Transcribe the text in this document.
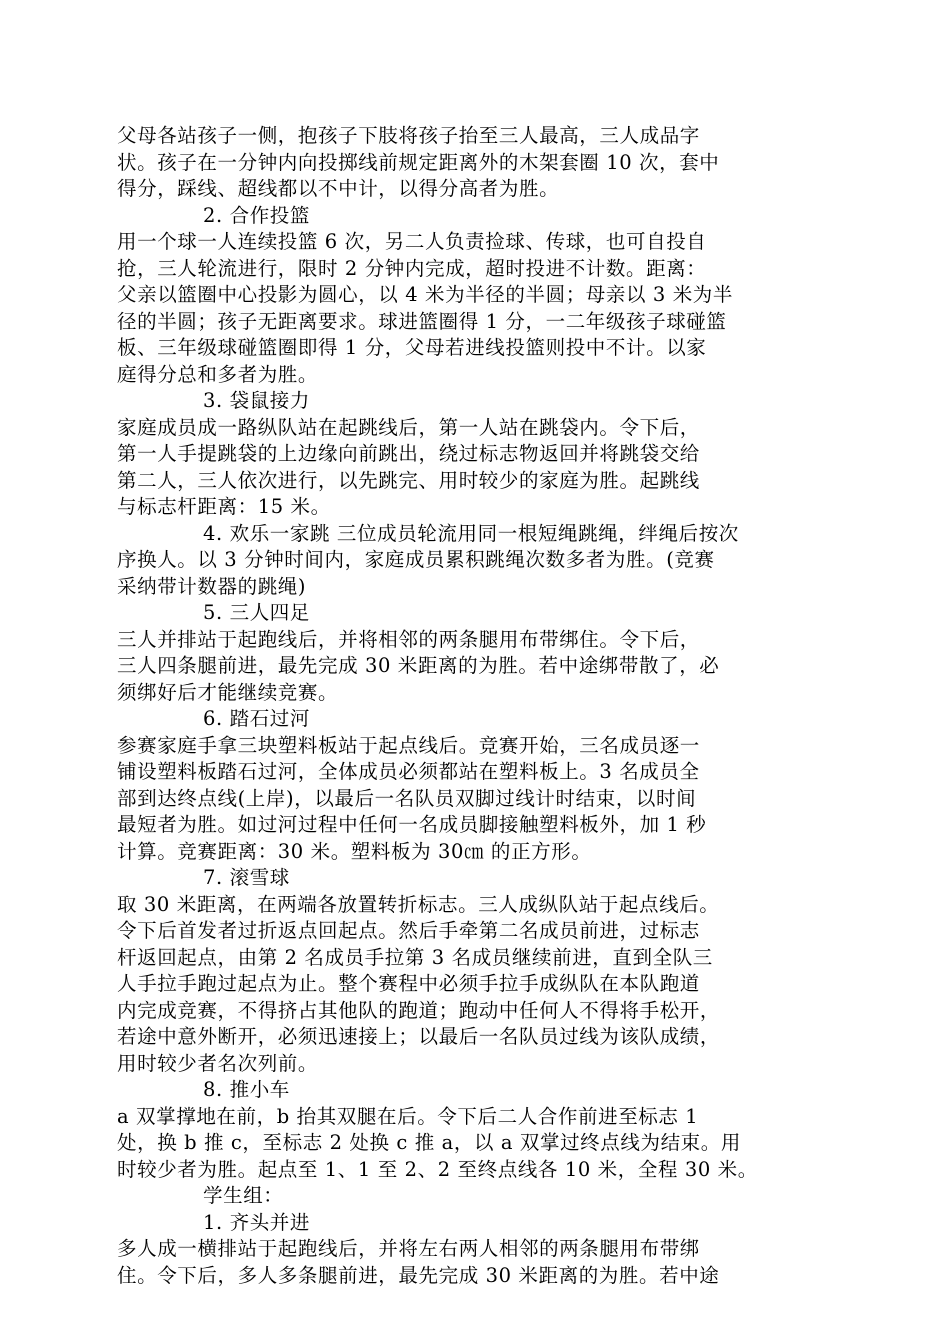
父母各站孩子一侧，抱孩子下肢将孩子抬至三人最高，三人成品字
状。孩子在一分钟内向投掷线前规定距离外的木架套圈 10 次，套中
得分，踩线、超线都以不中计，以得分高者为胜。
2. 合作投篮
用一个球一人连续投篮 6 次，另二人负责捡球、传球，也可自投自
抢，三人轮流进行，限时 2 分钟内完成，超时投进不计数。距离：
父亲以篮圈中心投影为圆心，以 4 米为半径的半圆；母亲以 3 米为半
径的半圆；孩子无距离要求。球进篮圈得 1 分，一二年级孩子球碰篮
板、三年级球碰篮圈即得 1 分，父母若进线投篮则投中不计。以家
庭得分总和多者为胜。
3. 袋鼠接力
家庭成员成一路纵队站在起跳线后，第一人站在跳袋内。令下后，
第一人手提跳袋的上边缘向前跳出，绕过标志物返回并将跳袋交给
第二人，三人依次进行，以先跳完、用时较少的家庭为胜。起跳线
与标志杆距离：15 米。
4. 欢乐一家跳 三位成员轮流用同一根短绳跳绳，绊绳后按次
序换人。以 3 分钟时间内，家庭成员累积跳绳次数多者为胜。(竞赛
采纳带计数器的跳绳)
5. 三人四足
三人并排站于起跑线后，并将相邻的两条腿用布带绑住。令下后，
三人四条腿前进，最先完成 30 米距离的为胜。若中途绑带散了，必
须绑好后才能继续竞赛。
6. 踏石过河
参赛家庭手拿三块塑料板站于起点线后。竞赛开始，三名成员逐一
铺设塑料板踏石过河，全体成员必须都站在塑料板上。3 名成员全
部到达终点线(上岸)，以最后一名队员双脚过线计时结束，以时间
最短者为胜。如过河过程中任何一名成员脚接触塑料板外，加 1 秒
计算。竞赛距离：30 米。塑料板为 30㎝ 的正方形。
7. 滚雪球
取 30 米距离，在两端各放置转折标志。三人成纵队站于起点线后。
令下后首发者过折返点回起点。然后手牵第二名成员前进，过标志
杆返回起点，由第 2 名成员手拉第 3 名成员继续前进，直到全队三
人手拉手跑过起点为止。整个赛程中必须手拉手成纵队在本队跑道
内完成竞赛，不得挤占其他队的跑道；跑动中任何人不得将手松开，
若途中意外断开，必须迅速接上；以最后一名队员过线为该队成绩，
用时较少者名次列前。
8. 推小车
a 双掌撑地在前，b 抬其双腿在后。令下后二人合作前进至标志 1
处，换 b 推 c，至标志 2 处换 c 推 a，以 a 双掌过终点线为结束。用
时较少者为胜。起点至 1、1 至 2、2 至终点线各 10 米，全程 30 米。
学生组：
1. 齐头并进
多人成一横排站于起跑线后，并将左右两人相邻的两条腿用布带绑
住。令下后，多人多条腿前进，最先完成 30 米距离的为胜。若中途
